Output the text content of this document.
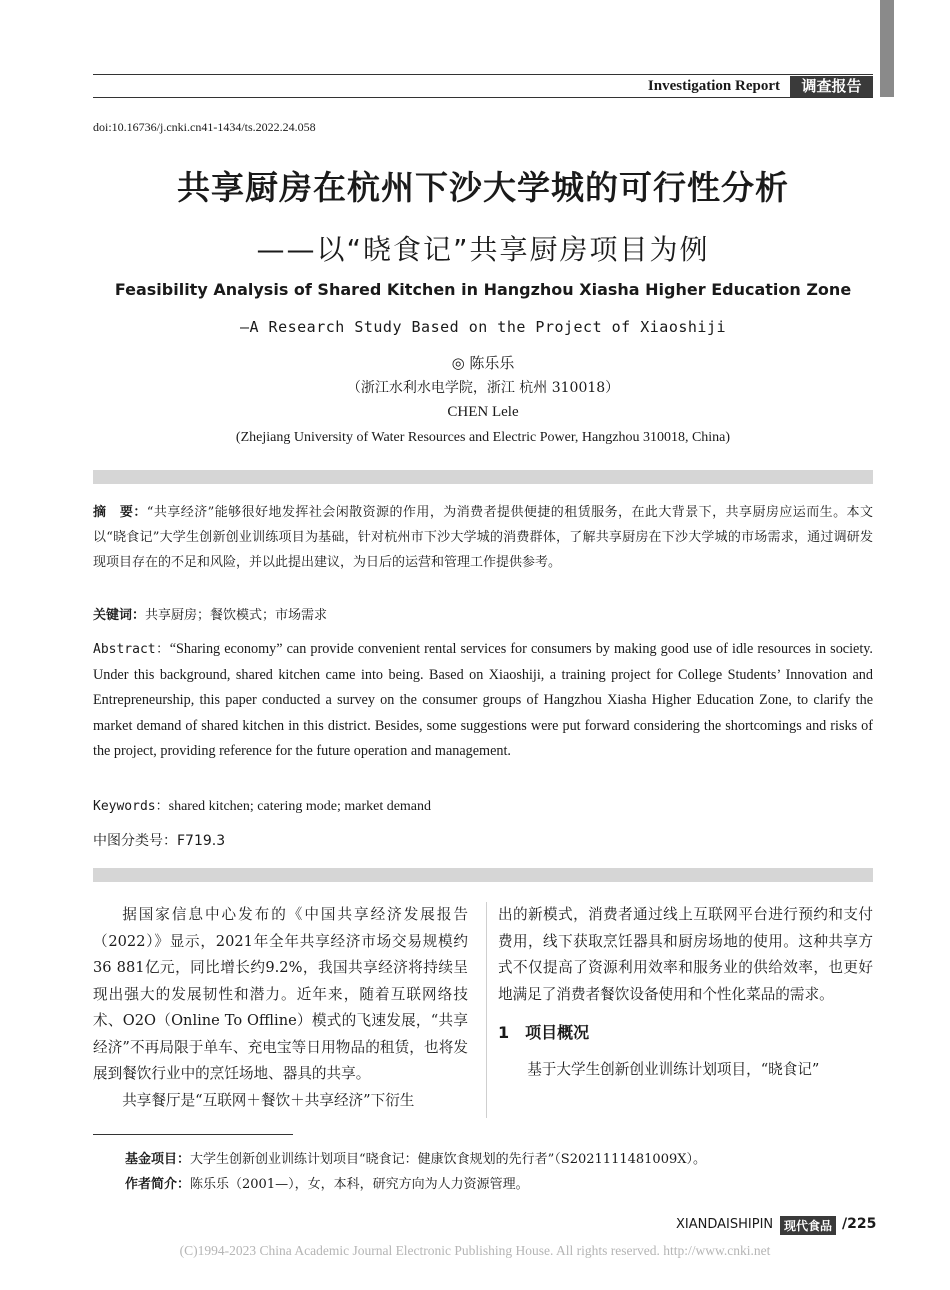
Investigation Report	调查报告
doi:10.16736/j.cnki.cn41-1434/ts.2022.24.058
共享厨房在杭州下沙大学城的可行性分析
——以“晓食记”共享厨房项目为例
Feasibility Analysis of Shared Kitchen in Hangzhou Xiasha Higher Education Zone
—A Research Study Based on the Project of Xiaoshiji
◎ 陈乐乐
（浙江水利水电学院，浙江 杭州 310018）
CHEN Lele
(Zhejiang University of Water Resources and Electric Power, Hangzhou 310018, China)
摘　要：“共享经济”能够很好地发挥社会闲散资源的作用，为消费者提供便捷的租赁服务，在此大背景下，共享厨房应运而生。本文以“晓食记”大学生创新创业训练项目为基础，针对杭州市下沙大学城的消费群体，了解共享厨房在下沙大学城的市场需求，通过调研发现项目存在的不足和风险，并以此提出建议，为日后的运营和管理工作提供参考。
关键词：共享厨房；餐饮模式；市场需求
Abstract：“Sharing economy” can provide convenient rental services for consumers by making good use of idle resources in society. Under this background, shared kitchen came into being. Based on Xiaoshiji, a training project for College Students’ Innovation and Entrepreneurship, this paper conducted a survey on the consumer groups of Hangzhou Xiasha Higher Education Zone, to clarify the market demand of shared kitchen in this district. Besides, some suggestions were put forward considering the shortcomings and risks of the project, providing reference for the future operation and management.
Keywords：shared kitchen; catering mode; market demand
中图分类号：F719.3

据国家信息中心发布的《中国共享经济发展报告（2022）》显示，2021年全年共享经济市场交易规模约36 881亿元，同比增长约9.2%，我国共享经济将持续呈现出强大的发展韧性和潜力。近年来，随着互联网络技术、O2O（Online To Offline）模式的飞速发展，“共享经济”不再局限于单车、充电宝等日用物品的租赁，也将发展到餐饮行业中的烹饪场地、器具的共享。

共享餐厅是“互联网＋餐饮＋共享经济”下衍生

出的新模式，消费者通过线上互联网平台进行预约和支付费用，线下获取烹饪器具和厨房场地的使用。这种共享方式不仅提高了资源利用效率和服务业的供给效率，也更好地满足了消费者餐饮设备使用和个性化菜品的需求。

1　项目概况

基于大学生创新创业训练计划项目，“晓食记”

基金项目：大学生创新创业训练计划项目“晓食记：健康饮食规划的先行者”（S2021111481009X）。
作者简介：陈乐乐（2001—），女，本科，研究方向为人力资源管理。
XIANDAISHIPIN 现代食品 /225
(C)1994-2023 China Academic Journal Electronic Publishing House. All rights reserved. http://www.cnki.net
